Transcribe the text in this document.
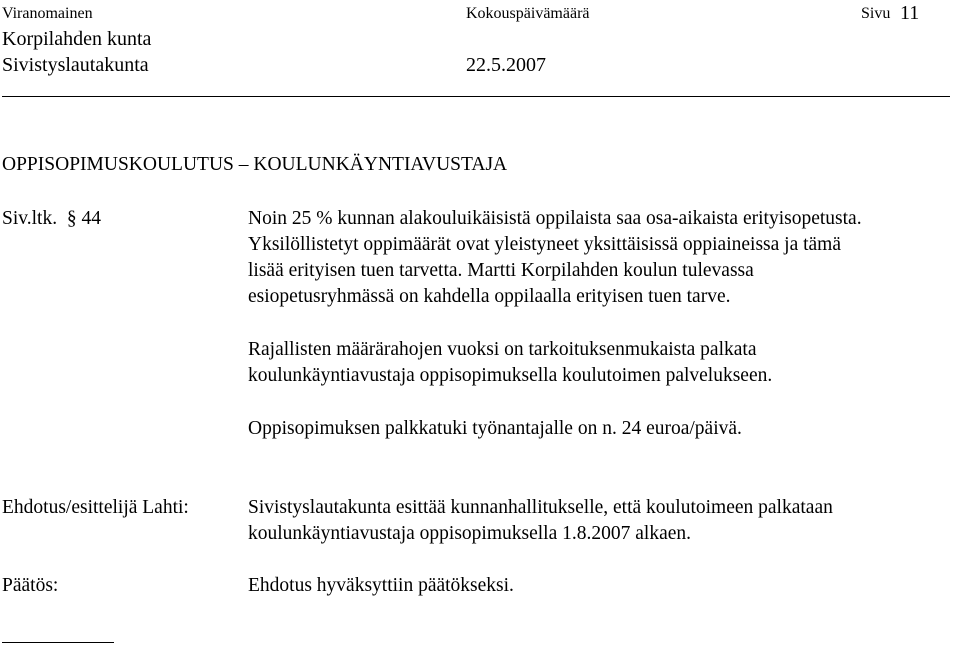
Viranomainen	Kokouspäivämäärä	Sivu 11
Korpilahden kunta
Sivistyslautakunta	22.5.2007
OPPISOPIMUSKOULUTUS – KOULUNKÄYNTIAVUSTAJA
Siv.ltk.  § 44	Noin 25 % kunnan alakouluikäisistä oppilaista saa osa-aikaista erityisopetusta.
Yksilöllistetyt oppimäärät ovat yleistyneet yksittäisissä oppiaineissa ja tämä
lisää erityisen tuen tarvetta. Martti Korpilahden koulun tulevassa
esiopetusryhmässä on kahdella oppilaalla erityisen tuen tarve.
Rajallisten määrärahojen vuoksi on tarkoituksenmukaista palkata
koulunkäyntiavustaja oppisopimuksella koulutoimen palvelukseen.
Oppisopimuksen palkkatuki työnantajalle on n. 24 euroa/päivä.
Ehdotus/esittelijä Lahti:	Sivistyslautakunta esittää kunnanhallitukselle, että koulutoimeen palkataan
koulunkäyntiavustaja oppisopimuksella 1.8.2007 alkaen.
Päätös:	Ehdotus hyväksyttiin päätökseksi.
